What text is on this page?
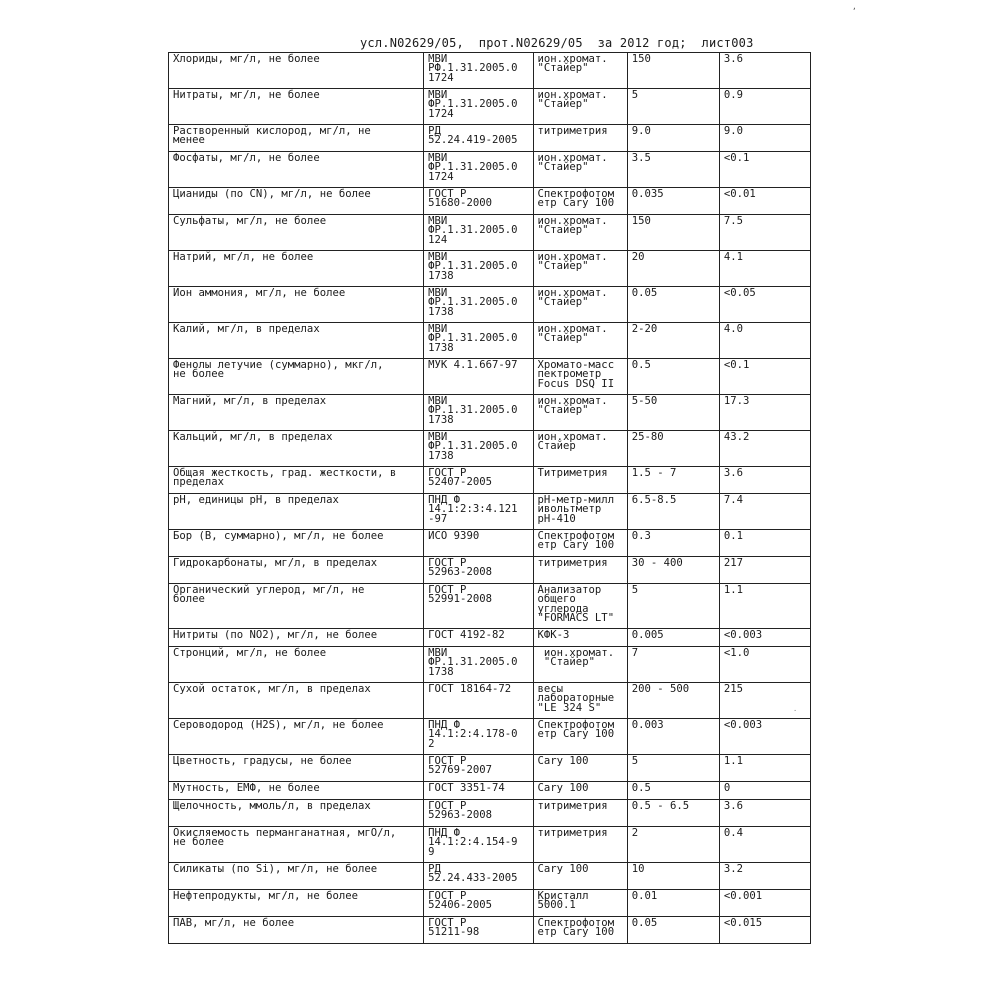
,
.
усл.N02629/05,  прот.N02629/05  за 2012 год;  лист003
Хлориды, мг/л, не более	МВИ
РФ.1.31.2005.0
1724	ион.хромат.
"Стайер"	150	3.6
Нитраты, мг/л, не более	МВИ
ФР.1.31.2005.0
1724	ион.хромат.
"Стайер"	5	0.9
Растворенный кислород, мг/л, не
менее	РД
52.24.419-2005	титриметрия	9.0	9.0
Фосфаты, мг/л, не более	МВИ
ФР.1.31.2005.0
1724	ион.хромат.
"Стайер"	3.5	<0.1
Цианиды (по CN), мг/л, не более	ГОСТ Р
51680-2000	Спектрофотом
етр Cary 100	0.035	<0.01
Сульфаты, мг/л, не более	МВИ
ФР.1.31.2005.0
124	ион.хромат.
"Стайер"	150	7.5
Натрий, мг/л, не более	МВИ
ФР.1.31.2005.0
1738	ион.хромат.
"Стайер"	20	4.1
Ион аммония, мг/л, не более	МВИ
ФР.1.31.2005.0
1738	ион.хромат.
"Стайер"	0.05	<0.05
Калий, мг/л, в пределах	МВИ
ФР.1.31.2005.0
1738	ион.хромат.
"Стайер"	2-20	4.0
Фенолы летучие (суммарно), мкг/л,
не более	МУК 4.1.667-97	Хромато-масс
пектрометр
Focus DSQ II	0.5	<0.1
Магний, мг/л, в пределах	МВИ
ФР.1.31.2005.0
1738	ион.хромат.
"Стайер"	5-50	17.3
Кальций, мг/л, в пределах	МВИ
ФР.1.31.2005.0
1738	ион.хромат.
Стайер	25-80	43.2
Общая жесткость, град. жесткости, в
пределах	ГОСТ Р
52407-2005	Титриметрия	1.5 - 7	3.6
pH, единицы pH, в пределах	ПНД Ф
14.1:2:3:4.121
-97	pH-метр-милл
ивольтметр
pH-410	6.5-8.5	7.4
Бор (B, суммарно), мг/л, не более	ИСО 9390	Спектрофотом
етр Cary 100	0.3	0.1
Гидрокарбонаты, мг/л, в пределах	ГОСТ Р
52963-2008	титриметрия	30 - 400	217
Органический углерод, мг/л, не
более	ГОСТ Р
52991-2008	Анализатор
общего
углерода
"FORMACS LT"	5	1.1
Нитриты (по NO2), мг/л, не более	ГОСТ 4192-82	КФК-3	0.005	<0.003
Стронций, мг/л, не более	МВИ
ФР.1.31.2005.0
1738	ион.хромат.
"Стайер"	7	<1.0
Сухой остаток, мг/л, в пределах	ГОСТ 18164-72	весы
лабораторные
"LE 324 S"	200 - 500	215
Сероводород (H2S), мг/л, не более	ПНД Ф
14.1:2:4.178-0
2	Спектрофотом
етр Cary 100	0.003	<0.003
Цветность, градусы, не более	ГОСТ Р
52769-2007	Cary 100	5	1.1
Мутность, ЕМФ, не более	ГОСТ 3351-74	Cary 100	0.5	0
Щелочность, ммоль/л, в пределах	ГОСТ Р
52963-2008	титриметрия	0.5 - 6.5	3.6
Окисляемость перманганатная, мгО/л,
не более	ПНД Ф
14.1:2:4.154-9
9	титриметрия	2	0.4
Силикаты (по Si), мг/л, не более	РД
52.24.433-2005	Cary 100	10	3.2
Нефтепродукты, мг/л, не более	ГОСТ Р
52406-2005	Кристалл
5000.1	0.01	<0.001
ПАВ, мг/л, не более	ГОСТ Р
51211-98	Спектрофотом
етр Cary 100	0.05	<0.015
